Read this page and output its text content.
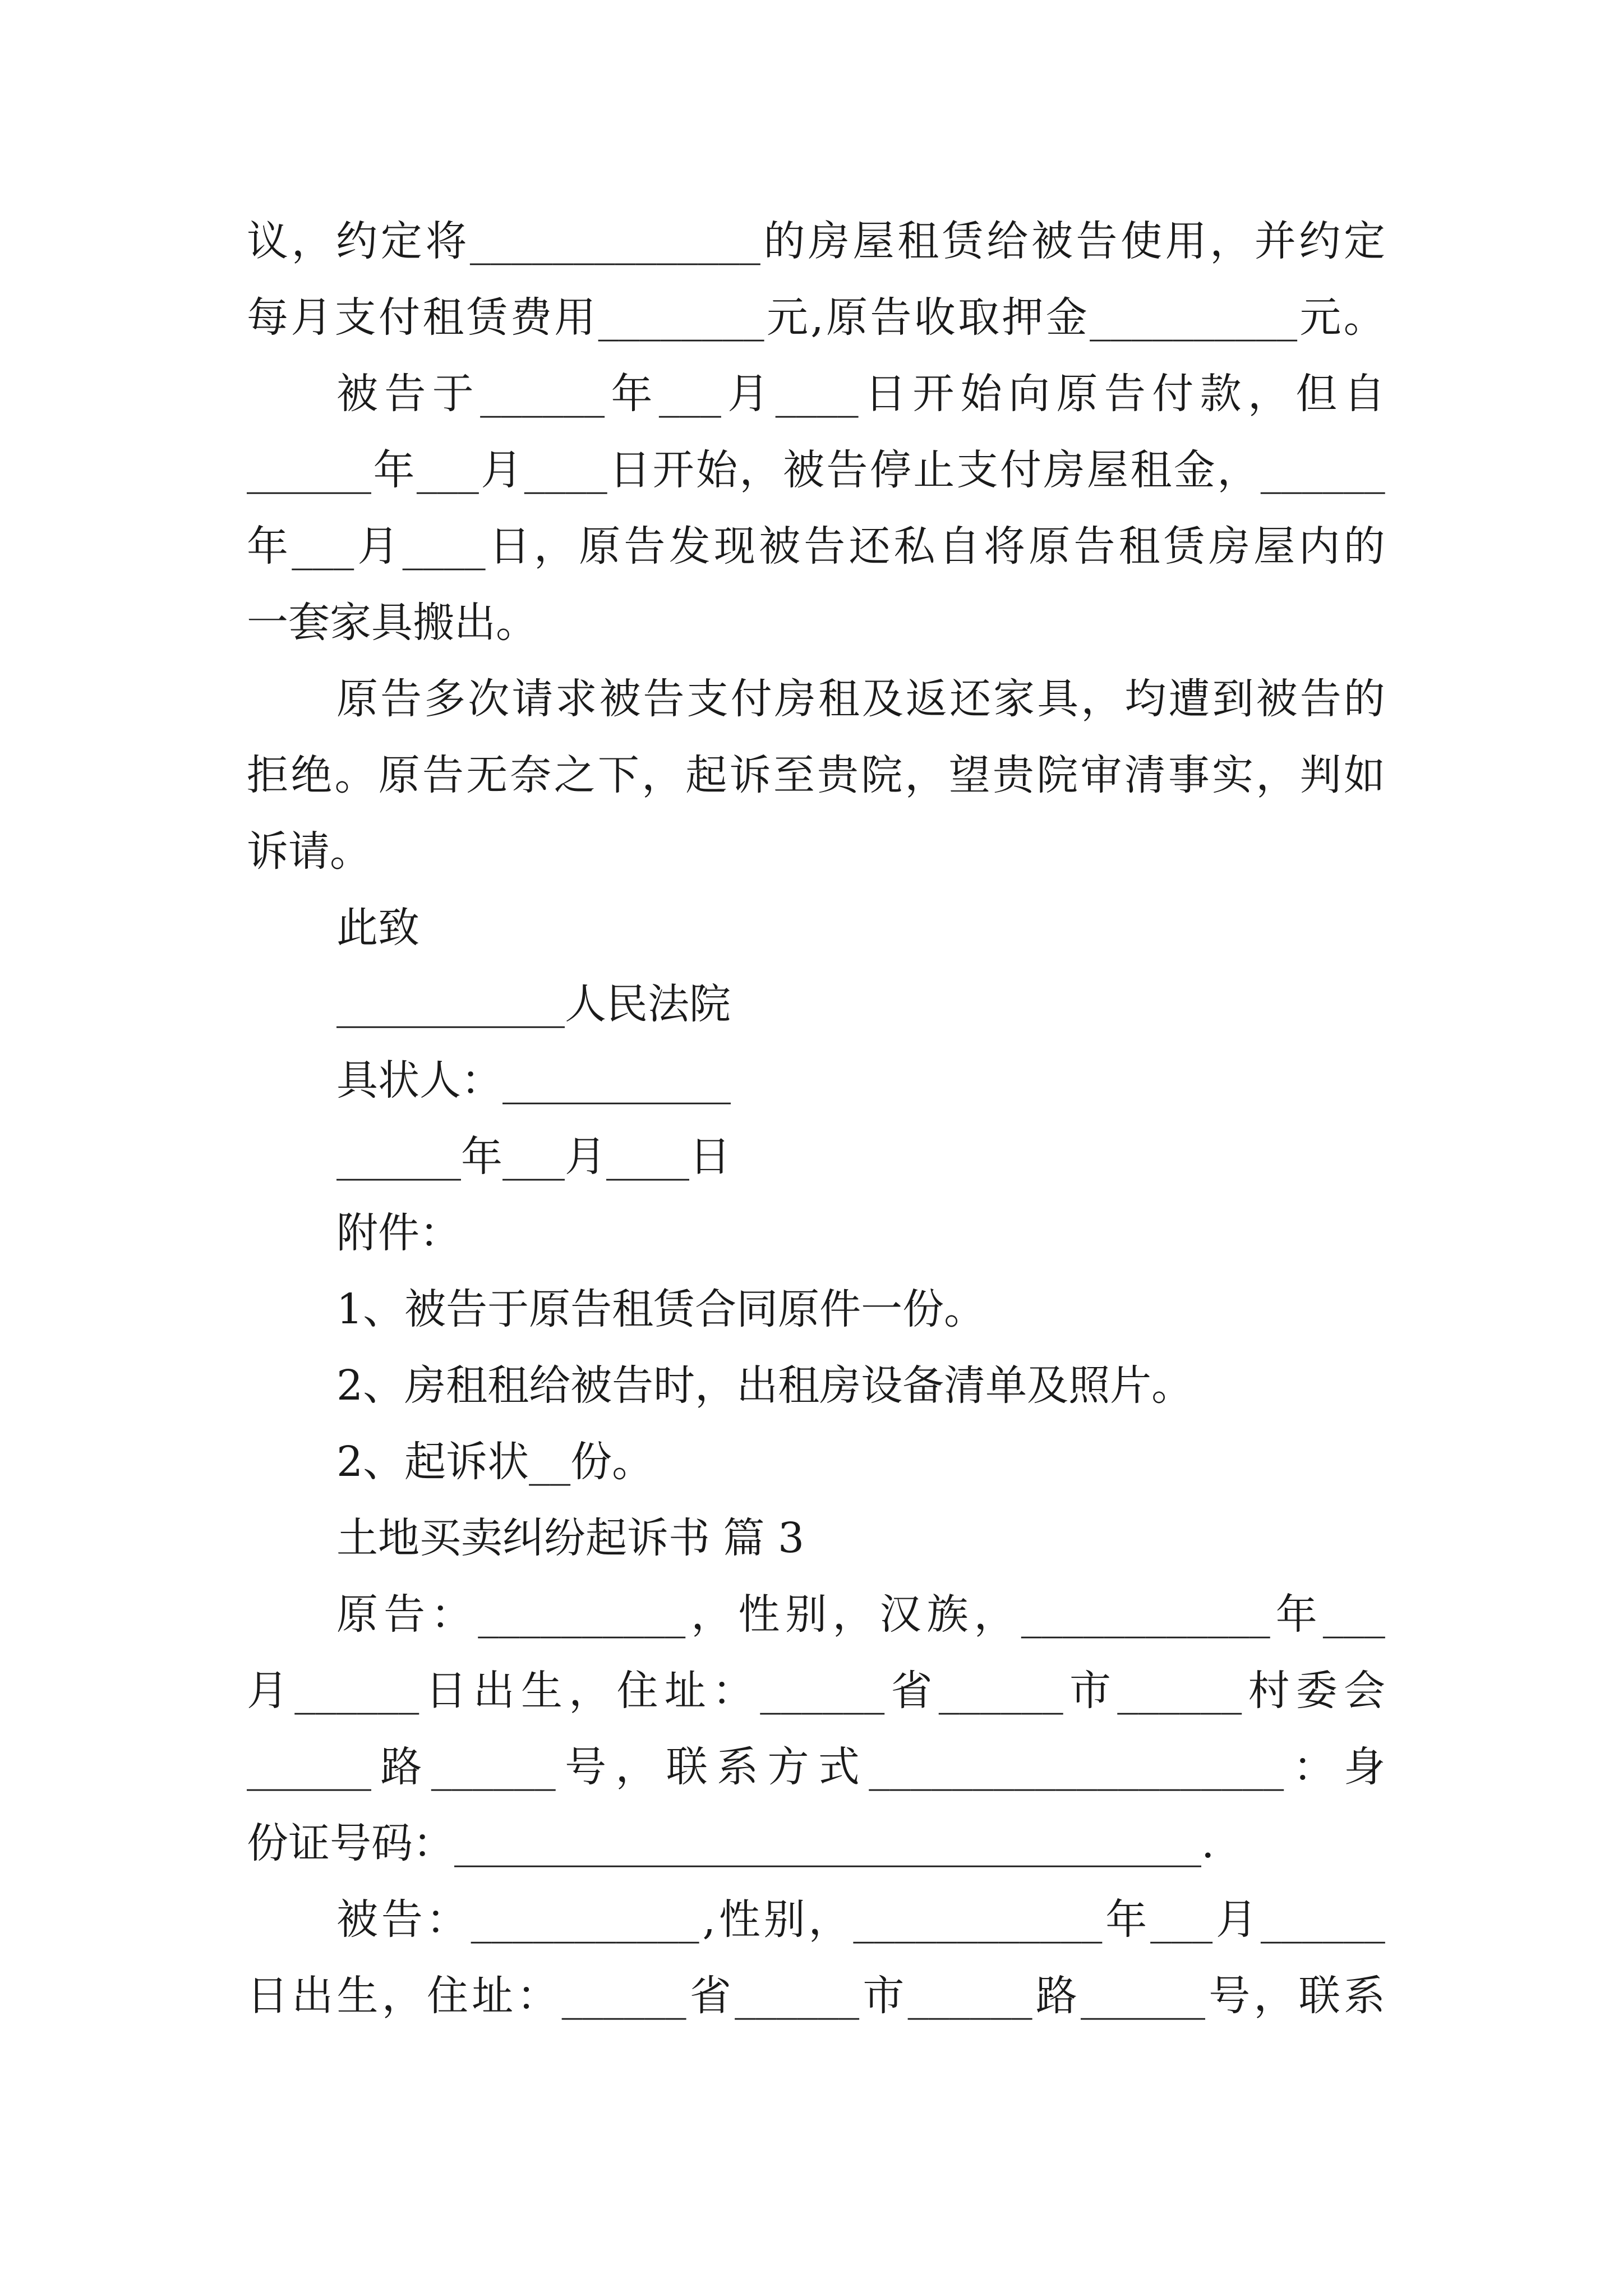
议 ， 约 定 将 ______________ 的 房 屋 租 赁 给 被 告 使 用 ， 并 约 定
每 月 支 付 租 赁 费 用 ________ 元 , 原 告 收 取 押 金 __________ 元 。
被 告 于 ______ 年 ___ 月 ____ 日 开 始 向 原 告 付 款 ， 但 自
______ 年 ___ 月 ____ 日 开 始 ， 被 告 停 止 支 付 房 屋 租 金 ， ______
年 ___ 月 ____ 日 ， 原 告 发 现 被 告 还 私 自 将 原 告 租 赁 房 屋 内 的
一套家具搬出。
原 告 多 次 请 求 被 告 支 付 房 租 及 返 还 家 具 ， 均 遭 到 被 告 的
拒 绝 。 原 告 无 奈 之 下 ， 起 诉 至 贵 院 ， 望 贵 院 审 清 事 实 ， 判 如
诉请。
此致
___________人民法院
具状人：___________
______年___月____日
附件：
1、被告于原告租赁合同原件一份。
2、房租租给被告时，出租房设备清单及照片。
2、起诉状__份。
土地买卖纠纷起诉书 篇 3
原 告 ： __________ ， 性 别 ， 汉 族 ， ____________ 年 ___
月 ______ 日 出 生 ， 住 址 ： ______ 省 ______ 市 ______ 村 委 会
______ 路 ______ 号 ， 联 系 方 式 ____________________ ： 身
份证号码：____________________________________.
被 告 ： ___________ , 性 别 ， ____________ 年 ___ 月 ______
日 出 生 ， 住 址 ： ______ 省 ______ 市 ______ 路 ______ 号 ， 联 系
